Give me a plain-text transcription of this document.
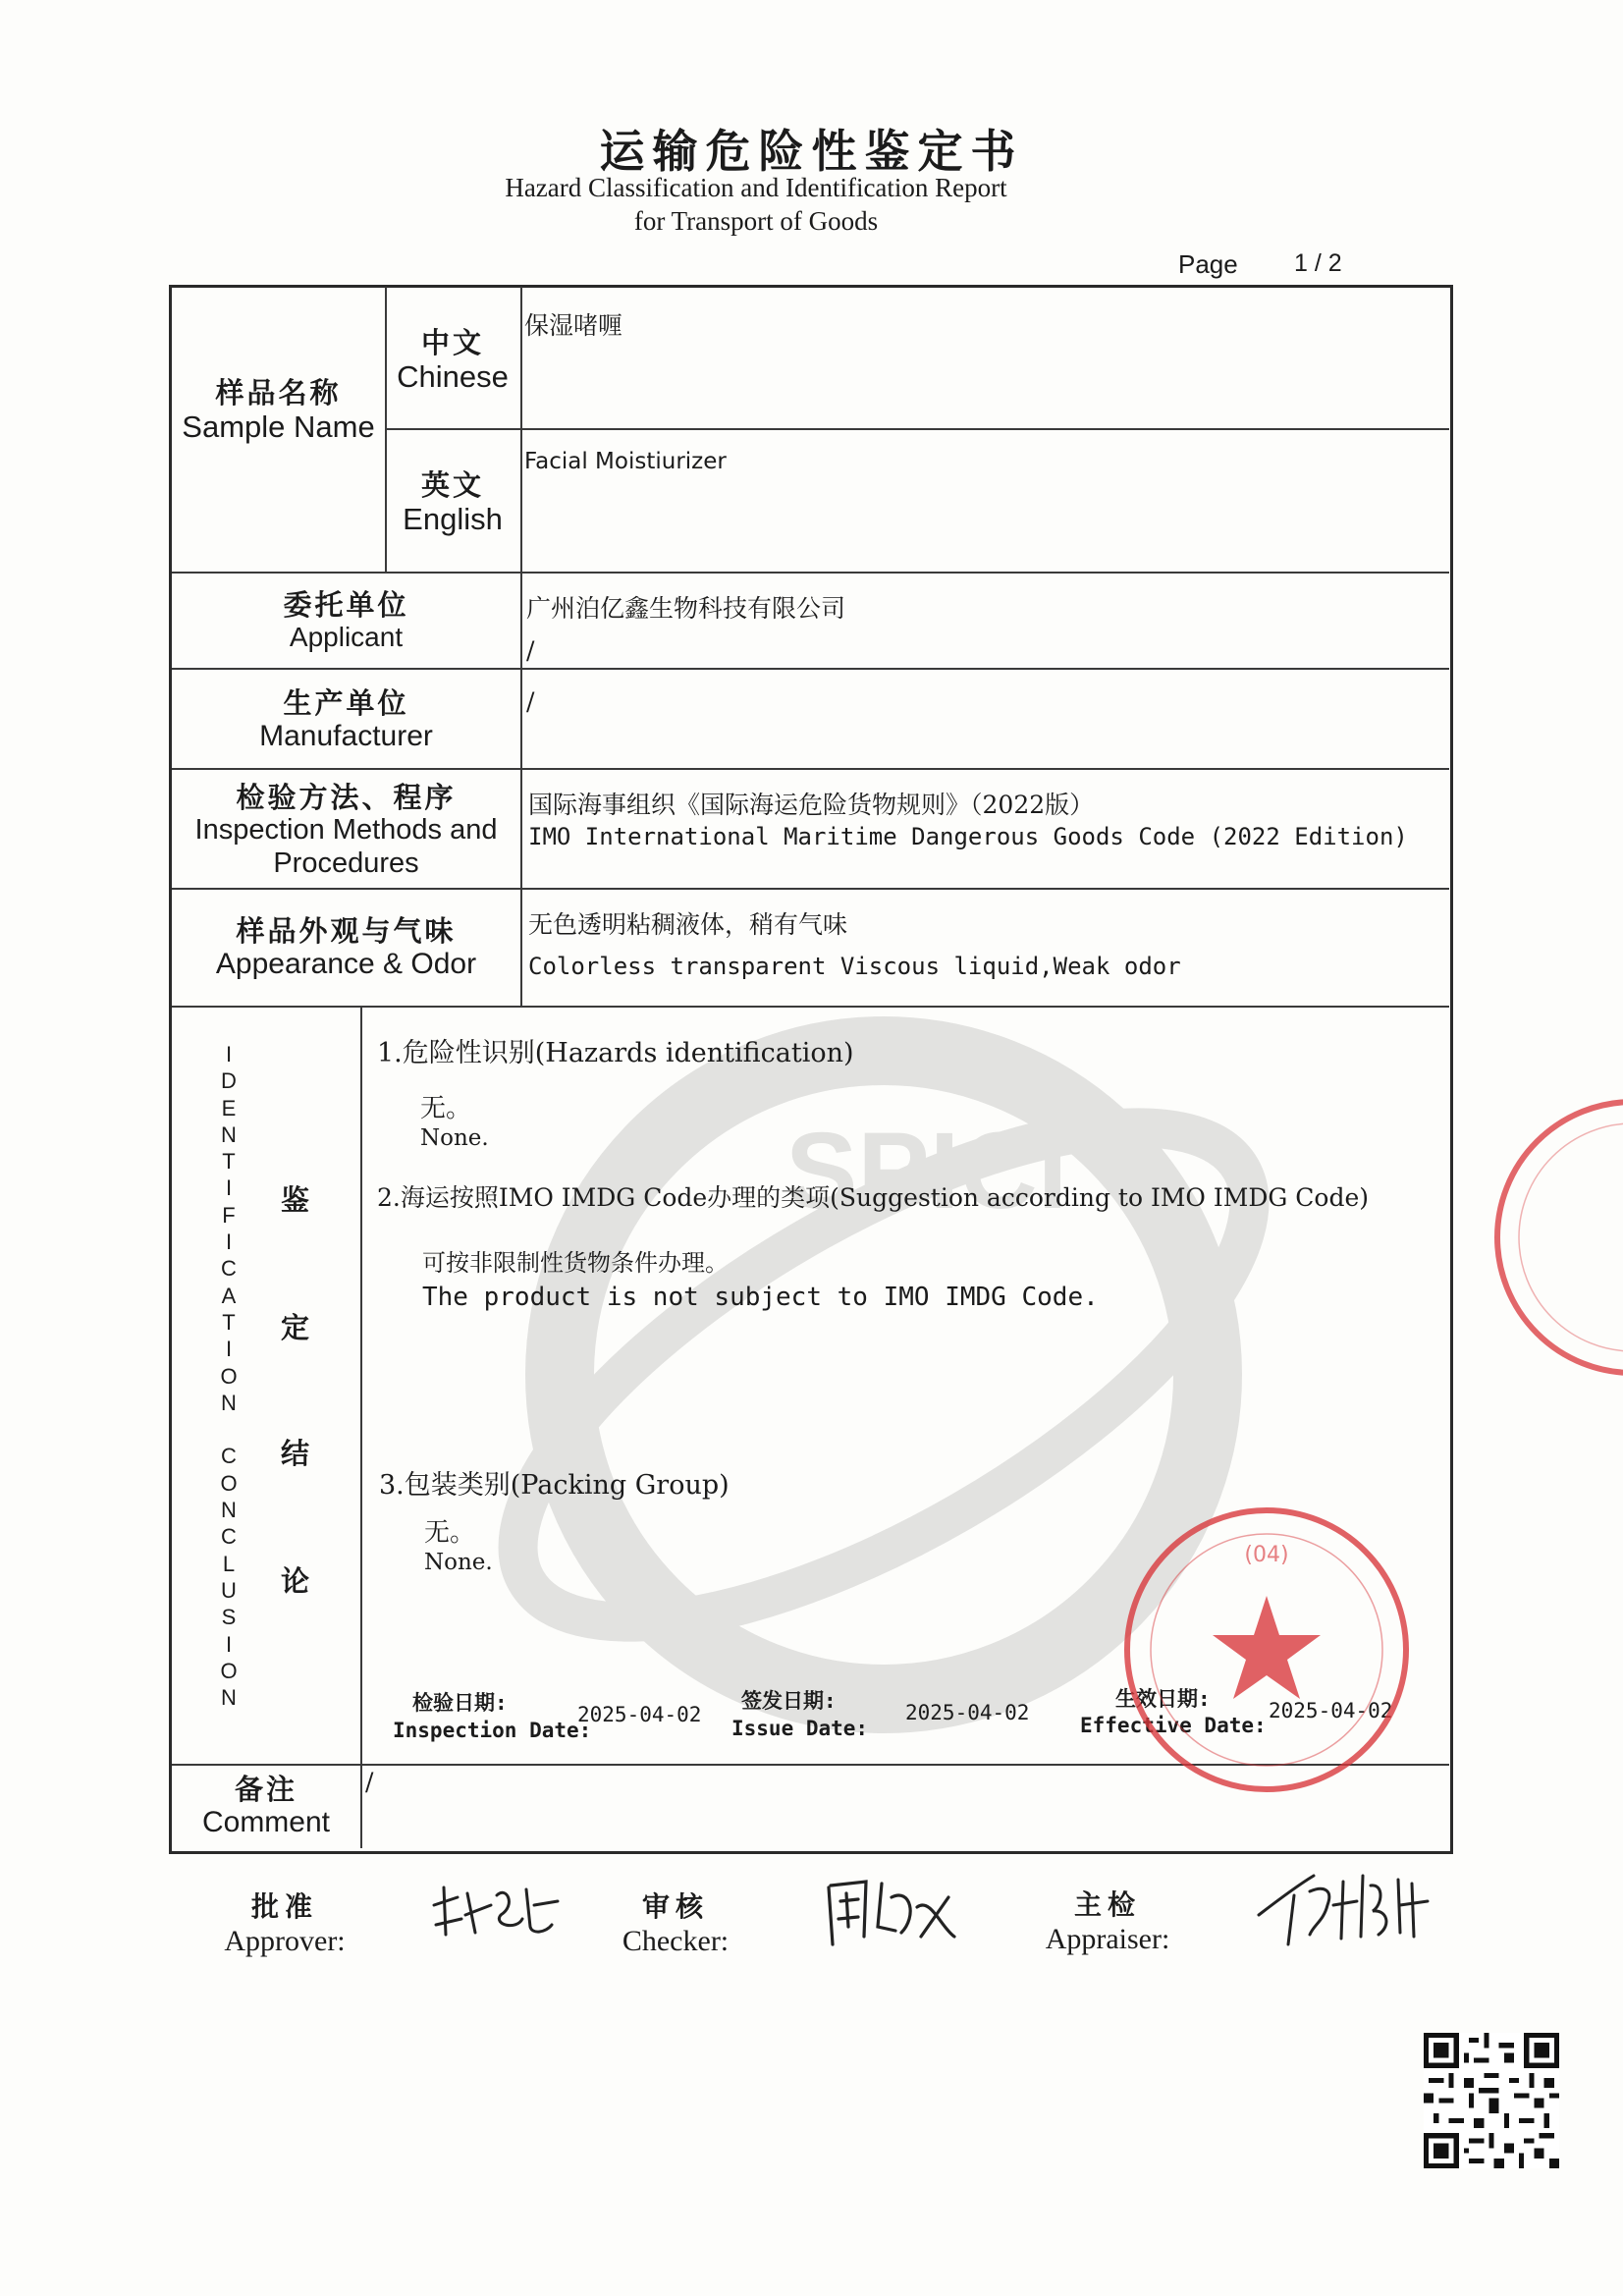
SPICI
运输危险性鉴定书
Hazard Classification and Identification Report
for Transport of Goods
Page 1 / 2
样品名称
Sample Name
中文
Chinese
保湿啫喱
英文
English
Facial Moistiurizer
委托单位
Applicant
广州泊亿鑫生物科技有限公司
/
生产单位
Manufacturer
/
检验方法、程序
Inspection Methods and
Procedures
国际海事组织《国际海运危险货物规则》（2022版）
IMO International Maritime Dangerous Goods Code (2022 Edition)
样品外观与气味
Appearance & Odor
无色透明粘稠液体，稍有气味
Colorless transparent Viscous liquid,Weak odor
I
D
E
N
T
I
F
I
C
A
T
I
O
N

C
O
N
C
L
U
S
I
O
N
鉴
定
结
论
1.危险性识别(Hazards identification)
无。
None.
2.海运按照IMO IMDG Code办理的类项(Suggestion according to IMO IMDG Code)
可按非限制性货物条件办理。
The product is not subject to IMO IMDG Code.
3.包装类别(Packing Group)
无。
None.
检验日期:
Inspection Date:
2025-04-02
签发日期:
Issue Date:
2025-04-02
生效日期:
Effective Date:
2025-04-02
备注
Comment
/
(04)
批准
Approver:
审核
Checker:
主检
Appraiser:
